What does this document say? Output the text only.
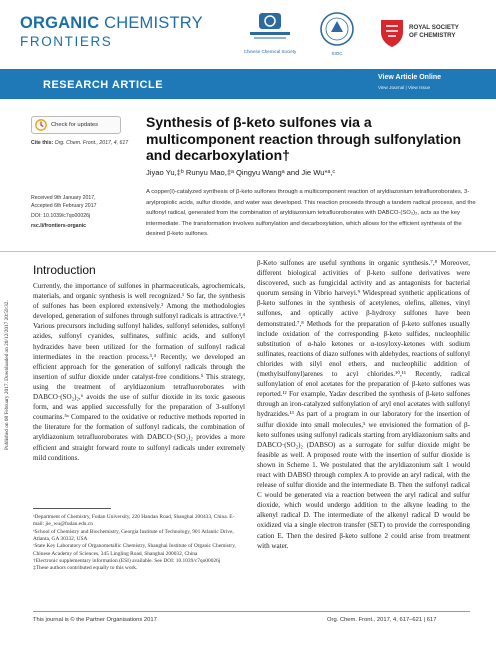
ORGANIC CHEMISTRY
FRONTIERS
Chinese Chemical Society	SIOC
ROYAL SOCIETY
OF CHEMISTRY
RESEARCH ARTICLE
View Article Online
View Journal | View Issue
Check for updates
Cite this: Org. Chem. Front., 2017, 4, 617
Received 9th January 2017,
Accepted 6th February 2017
DOI: 10.1039/c7qo00026j
rsc.li/frontiers-organic
Synthesis of β-keto sulfones via a
multicomponent reaction through sulfonylation
and decarboxylation†
Jiyao Yu,‡ᵇ Runyu Mao,‡ᵃ Qingyu Wangᵃ and Jie Wu*ᵃ,ᶜ
A copper(I)-catalyzed synthesis of β-keto sulfones through a multicomponent reaction of aryldiazonium tetrafluoroborates, 3-arylpropiolic acids, sulfur dioxide, and water was developed. This reaction proceeds through a tandem radical process, and the sulfonyl radical, generated from the combination of aryldiazonium tetrafluoroborates with DABCO·(SO₂)₂, acts as the key intermediate. The transformation involves sulfonylation and decarboxylation, which allows for the efficient synthesis of the desired β-keto sulfones.
Published on 08 February 2017. Downloaded on 20/12/2017 20:59:32.
Introduction
Currently, the importance of sulfones in pharmaceuticals, agrochemicals, materials, and organic synthesis is well recognized.¹ So far, the synthesis of sulfones has been explored extensively.² Among the methodologies developed, generation of sulfones through sulfonyl radicals is attractive.³,⁴ Various precursors including sulfonyl halides, sulfonyl selenides, sulfonyl azides, sulfonyl cyanides, sulfinates, sulfinic acids, and sulfonyl hydrazides have been utilized for the formation of sulfonyl radical intermediates in the reaction process.³,⁴ Recently, we developed an efficient approach for the generation of sulfonyl radicals through the insertion of sulfur dioxide under catalyst-free conditions.⁵ This strategy, using the treatment of aryldiazonium tetrafluoroborates with DABCO·(SO₂)₂,⁶ avoids the use of sulfur dioxide in its toxic gaseous form, and was applied successfully for the preparation of 3-sulfonyl coumarins.⁵ᵃ Compared to the oxidative or reductive methods reported in the literature for the formation of sulfonyl radicals, the combination of aryldiazonium tetrafluoroborates with DABCO·(SO₂)₂ provides a more efficient and straight forward route to sulfonyl radicals under extremely mild conditions.
β-Keto sulfones are useful synthons in organic synthesis.⁷,⁸ Moreover, different biological activities of β-keto sulfone derivatives were discovered, such as fungicidal activity and as antagonists for bacterial quorum sensing in Vibrio harveyi.⁹ Widespread synthetic applications of β-keto sulfones in the synthesis of acetylenes, olefins, allenes, vinyl sulfones, and optically active β-hydroxy sulfones have been demonstrated.⁷,⁸ Methods for the preparation of β-keto sulfones usually include oxidation of the corresponding β-keto sulfides, nucleophilic substitution of α-halo ketones or α-tosyloxy-ketones with sodium sulfinates, reactions of diazo sulfones with aldehydes, reactions of sulfonyl chlorides with silyl enol ethers, and nucleophilic addition of (methylsulfonyl)arenes to acyl chlorides.¹⁰,¹¹ Recently, radical sulfonylation of enol acetates for the preparation of β-keto sulfones was reported.¹² For example, Yadav described the synthesis of β-keto sulfones through an iron-catalyzed sulfonylation of aryl enol acetates with sulfonyl hydrazides.¹³ As part of a program in our laboratory for the insertion of sulfur dioxide into small molecules,⁵ we envisioned the formation of β-keto sulfones using sulfonyl radicals starting from aryldiazonium salts and DABCO·(SO₂)₂ (DABSO) as a surrogate for sulfur dioxide might be feasible as well. A proposed route with the insertion of sulfur dioxide is shown in Scheme 1. We postulated that the aryldiazonium salt 1 would react with DABSO through complex A to provide an aryl radical, with the release of sulfur dioxide and the intermediate B. Then the sulfonyl radical C would be generated via a reaction between the aryl radical and sulfur dioxide, which would undergo addition to the alkyne leading to the alkenyl radical D. The intermediate of the alkenyl radical D would be oxidized via a single electron transfer (SET) to provide the corresponding cation E. Then the desired β-keto sulfone 2 could arise from treatment with water.
ᵃDepartment of Chemistry, Fudan University, 220 Handan Road, Shanghai 200433, China. E-mail: jie_wu@fudan.edu.cn
ᵇSchool of Chemistry and Biochemistry, Georgia Institute of Technology, 901 Atlantic Drive, Atlanta, GA 30332, USA
ᶜState Key Laboratory of Organometallic Chemistry, Shanghai Institute of Organic Chemistry, Chinese Academy of Sciences, 345 Lingling Road, Shanghai 200032, China
†Electronic supplementary information (ESI) available. See DOI: 10.1039/c7qo00026j
‡These authors contributed equally to this work.
This journal is © the Partner Organisations 2017	Org. Chem. Front., 2017, 4, 617–621 | 617
